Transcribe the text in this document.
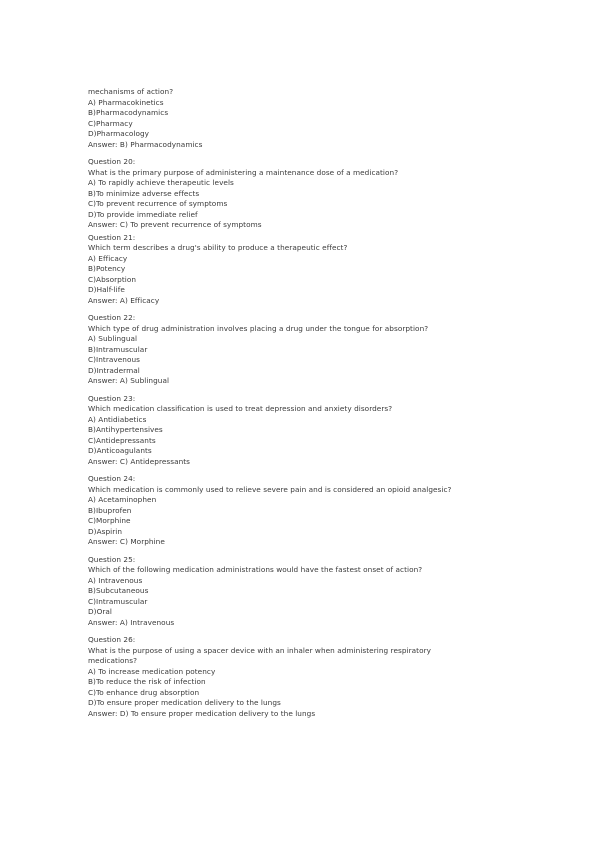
mechanisms of action?
A) Pharmacokinetics
B)Pharmacodynamics
C)Pharmacy
D)Pharmacology
Answer: B) Pharmacodynamics
Question 20:
What is the primary purpose of administering a maintenance dose of a medication?
A) To rapidly achieve therapeutic levels
B)To minimize adverse effects
C)To prevent recurrence of symptoms
D)To provide immediate relief
Answer: C) To prevent recurrence of symptoms
Question 21:
Which term describes a drug's ability to produce a therapeutic effect?
A) Efficacy
B)Potency
C)Absorption
D)Half-life
Answer: A) Efficacy
Question 22:
Which type of drug administration involves placing a drug under the tongue for absorption?
A) Sublingual
B)Intramuscular
C)Intravenous
D)Intradermal
Answer: A) Sublingual
Question 23:
Which medication classification is used to treat depression and anxiety disorders?
A) Antidiabetics
B)Antihypertensives
C)Antidepressants
D)Anticoagulants
Answer: C) Antidepressants
Question 24:
Which medication is commonly used to relieve severe pain and is considered an opioid analgesic?
A) Acetaminophen
B)Ibuprofen
C)Morphine
D)Aspirin
Answer: C) Morphine
Question 25:
Which of the following medication administrations would have the fastest onset of action?
A) Intravenous
B)Subcutaneous
C)Intramuscular
D)Oral
Answer: A) Intravenous
Question 26:
What is the purpose of using a spacer device with an inhaler when administering respiratory medications?
A) To increase medication potency
B)To reduce the risk of infection
C)To enhance drug absorption
D)To ensure proper medication delivery to the lungs
Answer: D) To ensure proper medication delivery to the lungs
